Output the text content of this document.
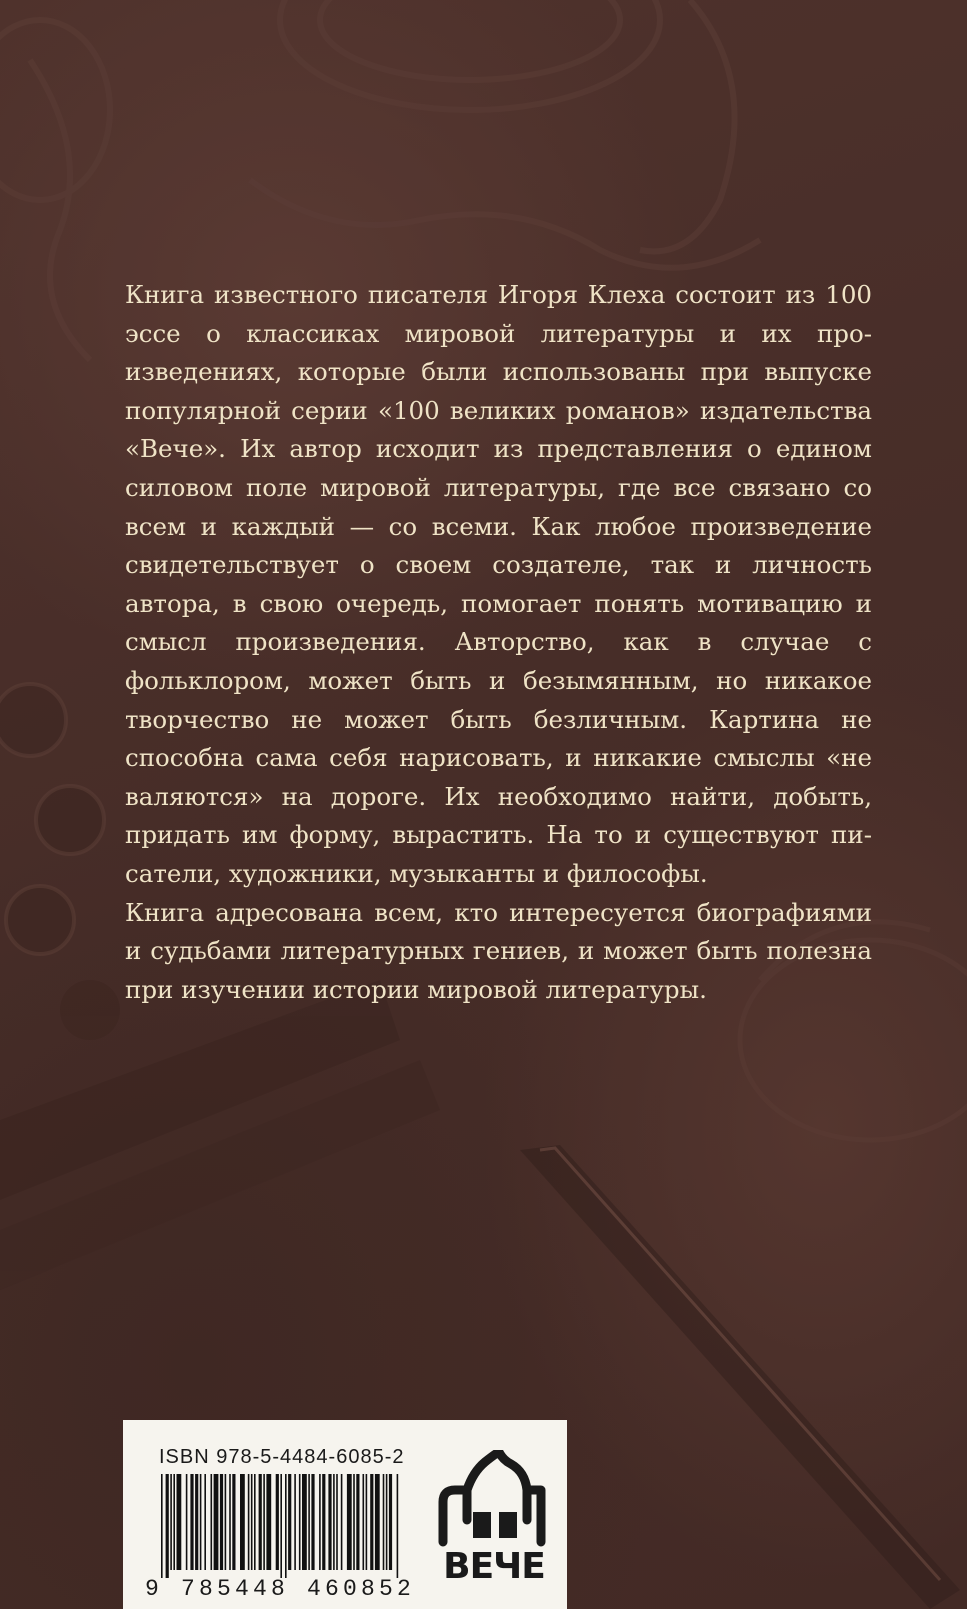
Книга известного писателя Игоря Клеха состоит из 100 эссе о классиках мировой литературы и их произведениях, которые были использованы при выпуске популярной серии «100 великих романов» издательства «Вече». Их автор исходит из представления о едином силовом поле мировой литературы, где все связано со всем и каждый — со всеми. Как любое произведение свидетельствует о своем создателе, так и личность автора, в свою очередь, помогает понять мотивацию и смысл произведения. Авторство, как в случае с фольклором, может быть и безымянным, но никакое творчество не может быть безличным. Картина не способна сама себя нарисовать, и никакие смыслы «не валяются» на дороге. Их необходимо найти, добыть, придать им форму, вырастить. На то и существуют писатели, художники, музыканты и философы.

Книга адресована всем, кто интересуется биографиями и судьбами литературных гениев, и может быть полезна при изучении истории мировой литературы.

ISBN 978-5-4484-6085-2
9 785448 460852
ВЕЧЕ
